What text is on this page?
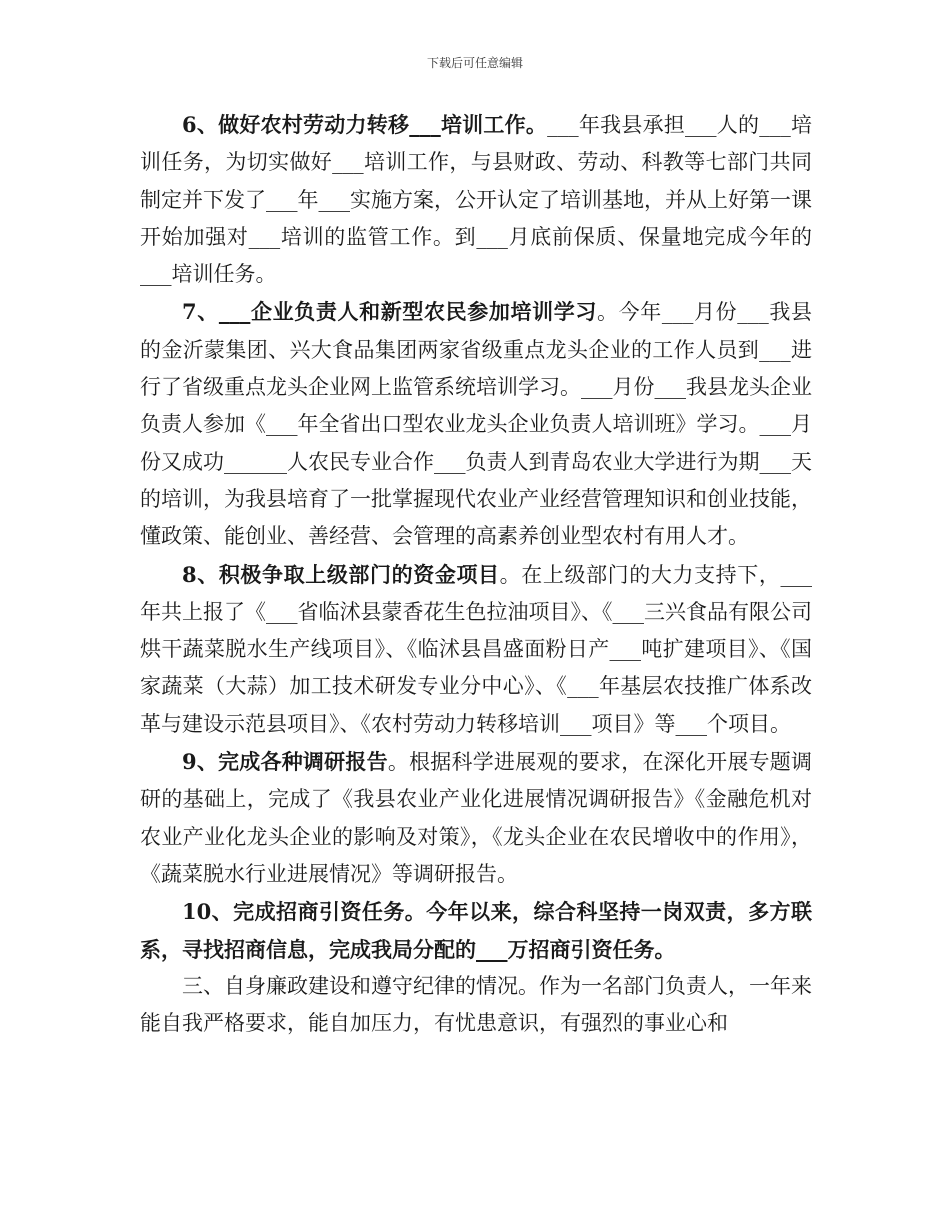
下载后可任意编辑

6、做好农村劳动力转移___培训工作。___年我县承担___人的___培训任务，为切实做好___培训工作，与县财政、劳动、科教等七部门共同制定并下发了___年___实施方案，公开认定了培训基地，并从上好第一课开始加强对___培训的监管工作。到___月底前保质、保量地完成今年的___培训任务。

7、___企业负责人和新型农民参加培训学习。今年___月份___我县的金沂蒙集团、兴大食品集团两家省级重点龙头企业的工作人员到___进行了省级重点龙头企业网上监管系统培训学习。___月份___我县龙头企业负责人参加《___年全省出口型农业龙头企业负责人培训班》学习。___月份又成功______人农民专业合作___负责人到青岛农业大学进行为期___天的培训，为我县培育了一批掌握现代农业产业经营管理知识和创业技能，懂政策、能创业、善经营、会管理的高素养创业型农村有用人才。

8、积极争取上级部门的资金项目。在上级部门的大力支持下，___年共上报了《___省临沭县蒙香花生色拉油项目》、《___三兴食品有限公司烘干蔬菜脱水生产线项目》、《临沭县昌盛面粉日产___吨扩建项目》、《国家蔬菜（大蒜）加工技术研发专业分中心》、《___年基层农技推广体系改革与建设示范县项目》、《农村劳动力转移培训___项目》等___个项目。

9、完成各种调研报告。根据科学进展观的要求，在深化开展专题调研的基础上，完成了《我县农业产业化进展情况调研报告》《金融危机对农业产业化龙头企业的影响及对策》，《龙头企业在农民增收中的作用》，《蔬菜脱水行业进展情况》等调研报告。

10、完成招商引资任务。今年以来，综合科坚持一岗双责，多方联系，寻找招商信息，完成我局分配的___万招商引资任务。

三、自身廉政建设和遵守纪律的情况。作为一名部门负责人，一年来能自我严格要求，能自加压力，有忧患意识，有强烈的事业心和
